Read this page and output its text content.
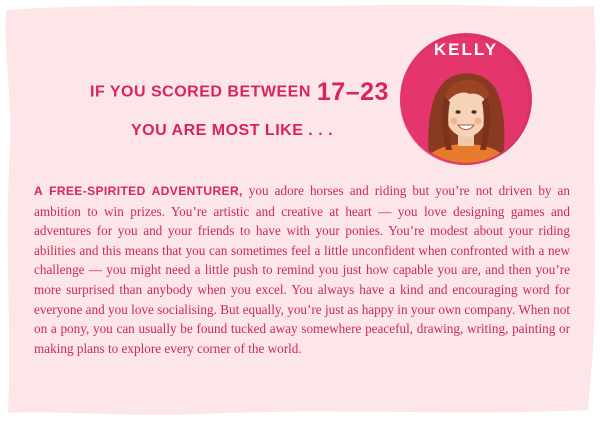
IF YOU SCORED BETWEEN 17–23
YOU ARE MOST LIKE . . .
KELLY

A FREE-SPIRITED ADVENTURER, you adore horses and riding but you’re not driven by an ambition to win prizes. You’re artistic and creative at heart — you love designing games and adventures for you and your friends to have with your ponies. You’re modest about your riding abilities and this means that you can sometimes feel a little unconfident when confronted with a new challenge — you might need a little push to remind you just how capable you are, and then you’re more surprised than anybody when you excel. You always have a kind and encouraging word for everyone and you love socialising. But equally, you’re just as happy in your own company. When not on a pony, you can usually be found tucked away somewhere peaceful, drawing, writing, painting or making plans to explore every corner of the world.
